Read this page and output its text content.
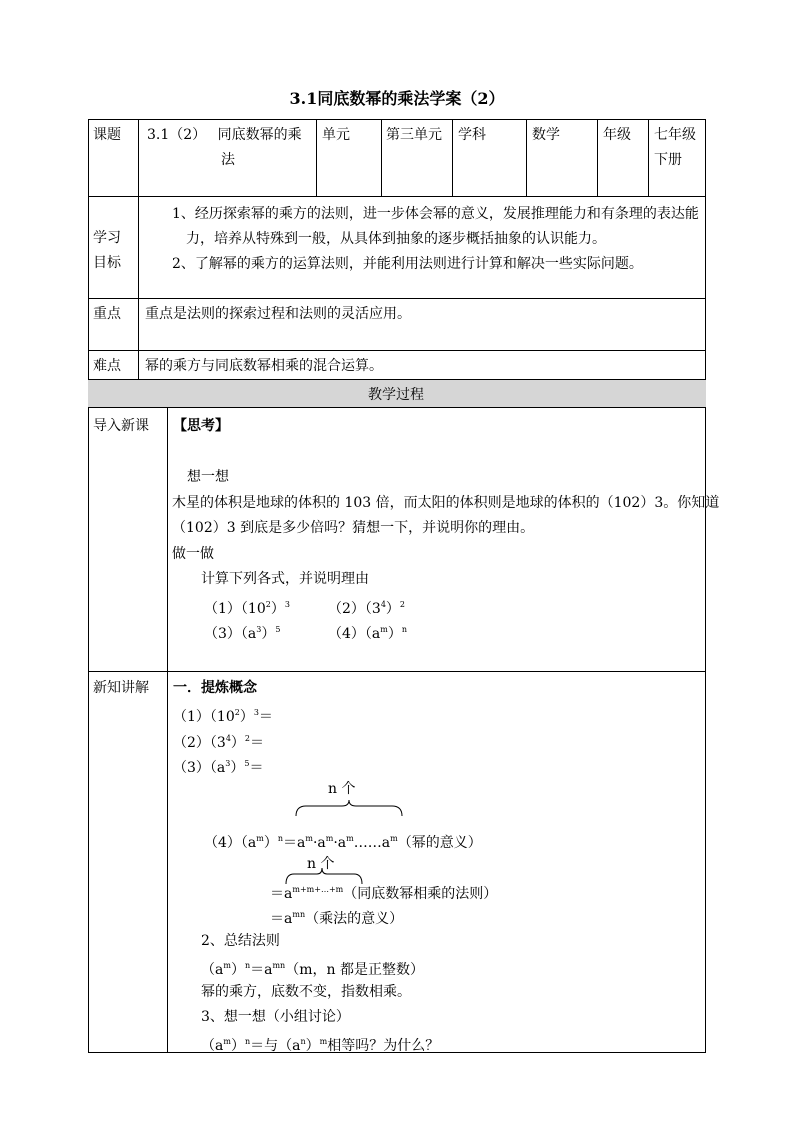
3.1同底数幂的乘法学案（2）
课题 3.1（2）　 同底数幂的乘
法
单元	第三单元 学科	数学	年级 七年级
下册
学习
目标
1、经历探索幂的乘方的法则，进一步体会幂的意义，发展推理能力和有条理的表达能
力，培养从特殊到一般，从具体到抽象的逐步概括抽象的认识能力。
2、了解幂的乘方的运算法则，并能利用法则进行计算和解决一些实际问题。
重点 重点是法则的探索过程和法则的灵活应用。
难点 幂的乘方与同底数幂相乘的混合运算。
教学过程
导入新课 【思考】
想一想
木星的体积是地球的体积的 103 倍，而太阳的体积则是地球的体积的（102）3。你知道
（102）3 到底是多少倍吗？猜想一下，并说明你的理由。
做一做
计算下列各式，并说明理由
$(1)(10^2)^3$	$(2)(3^4)^2$
$(3)(a^3)^5$	$(4)(a^m)^n$
新知讲解 一．提炼概念
$(1)(10^2)^3=$
$(2)(3^4)^2=$
$(3)(a^3)^5=$
n 个
$(4)(a^m)^n=a^m\cdot a^m\cdot a^m\dots\dots a^m$（幂的意义）
n 个
$=a^{m+m+\dots+m}$（同底数幂相乘的法则）
$=a^{mn}$（乘法的意义）
2、总结法则
$(a^m)^n=a^{mn}(m$，n 都是正整数）
幂的乘方，底数不变，指数相乘。
3、想一想（小组讨论）
$(a^m)^n=$与$(a^n)^m$相等吗？为什么？
